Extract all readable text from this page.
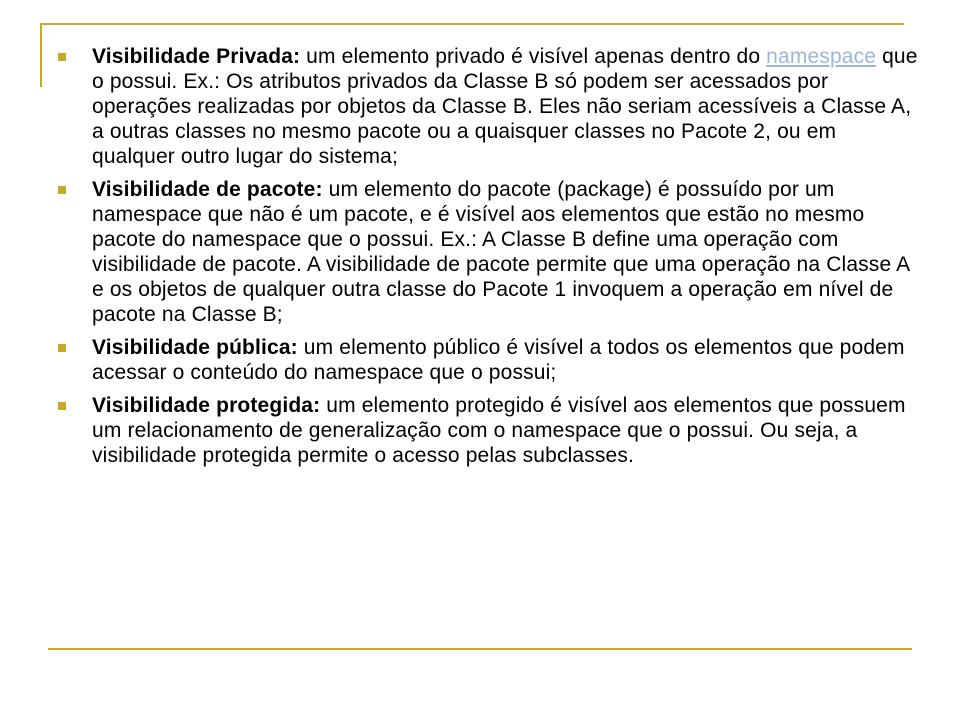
Visibilidade Privada: um elemento privado é visível apenas dentro do namespace que o possui. Ex.: Os atributos privados da Classe B só podem ser acessados por operações realizadas por objetos da Classe B. Eles não seriam acessíveis a Classe A, a outras classes no mesmo pacote ou a quaisquer classes no Pacote 2, ou em qualquer outro lugar do sistema;
Visibilidade de pacote: um elemento do pacote (package) é possuído por um namespace que não é um pacote, e é visível aos elementos que estão no mesmo pacote do namespace que o possui. Ex.: A Classe B define uma operação com visibilidade de pacote. A visibilidade de pacote permite que uma operação na Classe A e os objetos de qualquer outra classe do Pacote 1 invoquem a operação em nível de pacote na Classe B;
Visibilidade pública: um elemento público é visível a todos os elementos que podem acessar o conteúdo do namespace que o possui;
Visibilidade protegida: um elemento protegido é visível aos elementos que possuem um relacionamento de generalização com o namespace que o possui. Ou seja, a visibilidade protegida permite o acesso pelas subclasses.
